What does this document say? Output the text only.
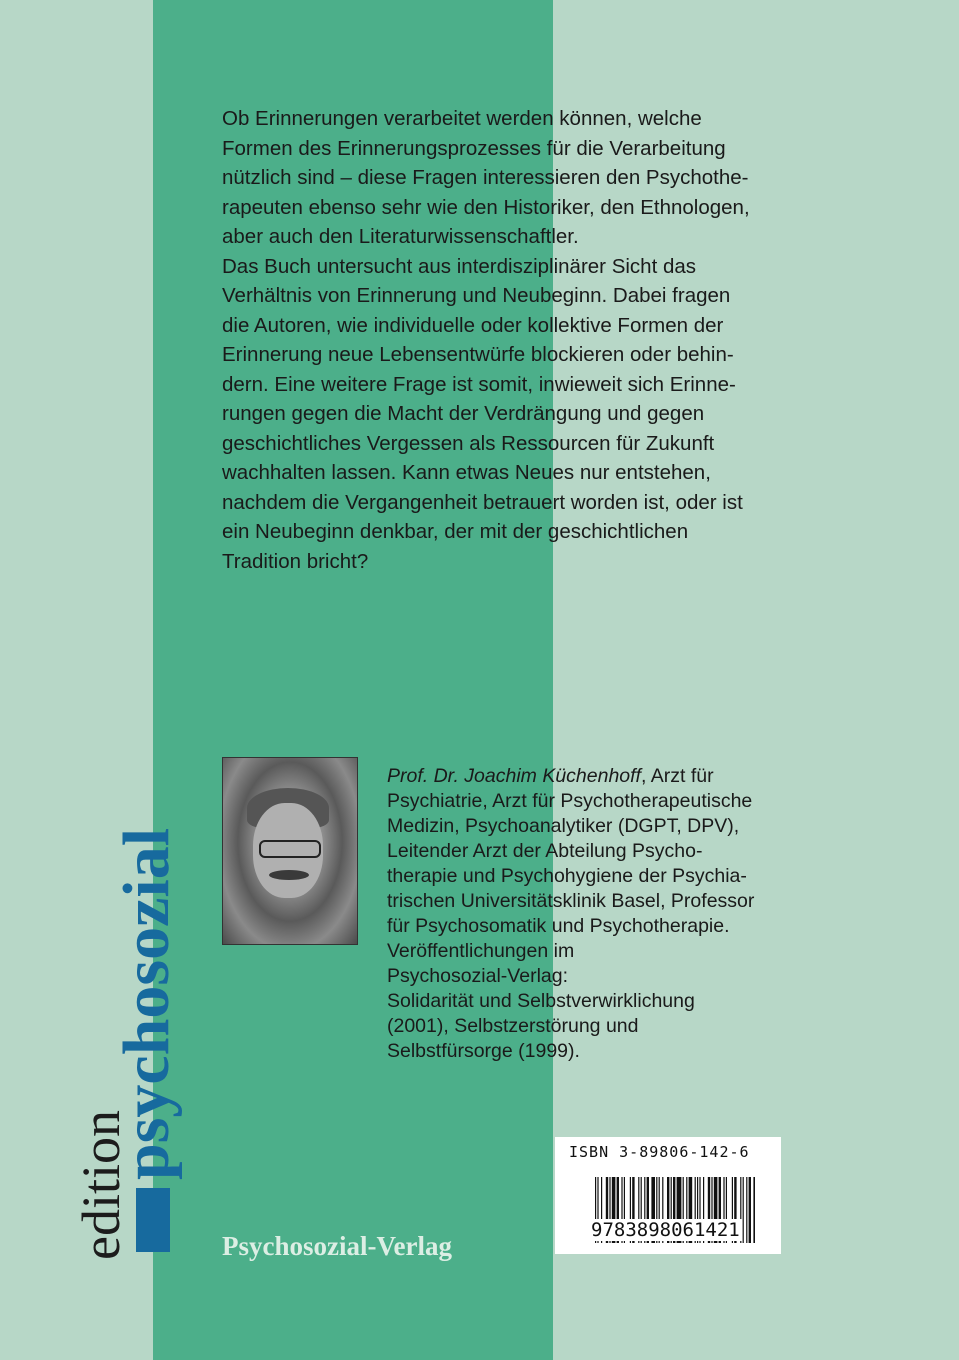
Ob Erinnerungen verarbeitet werden können, welche
Formen des Erinnerungsprozesses für die Verarbeitung
nützlich sind – diese Fragen interessieren den Psychothe-
rapeuten ebenso sehr wie den Historiker, den Ethnologen,
aber auch den Literaturwissenschaftler.
Das Buch untersucht aus interdisziplinärer Sicht das
Verhältnis von Erinnerung und Neubeginn. Dabei fragen
die Autoren, wie individuelle oder kollektive Formen der
Erinnerung neue Lebensentwürfe blockieren oder behin-
dern. Eine weitere Frage ist somit, inwieweit sich Erinne-
rungen gegen die Macht der Verdrängung und gegen
geschichtliches Vergessen als Ressourcen für Zukunft
wachhalten lassen. Kann etwas Neues nur entstehen,
nachdem die Vergangenheit betrauert worden ist, oder ist
ein Neubeginn denkbar, der mit der geschichtlichen
Tradition bricht?
Prof. Dr. Joachim Küchenhoff, Arzt für
Psychiatrie, Arzt für Psychotherapeutische
Medizin, Psychoanalytiker (DGPT, DPV),
Leitender Arzt der Abteilung Psycho-
therapie und Psychohygiene der Psychia-
trischen Universitätsklinik Basel, Professor
für Psychosomatik und Psychotherapie.
Veröffentlichungen im
Psychosozial-Verlag:
Solidarität und Selbstverwirklichung
(2001), Selbstzerstörung und
Selbstfürsorge (1999).
ISBN 3-89806-142-6
9783898061421
edition
psychosozial
Psychosozial-Verlag
